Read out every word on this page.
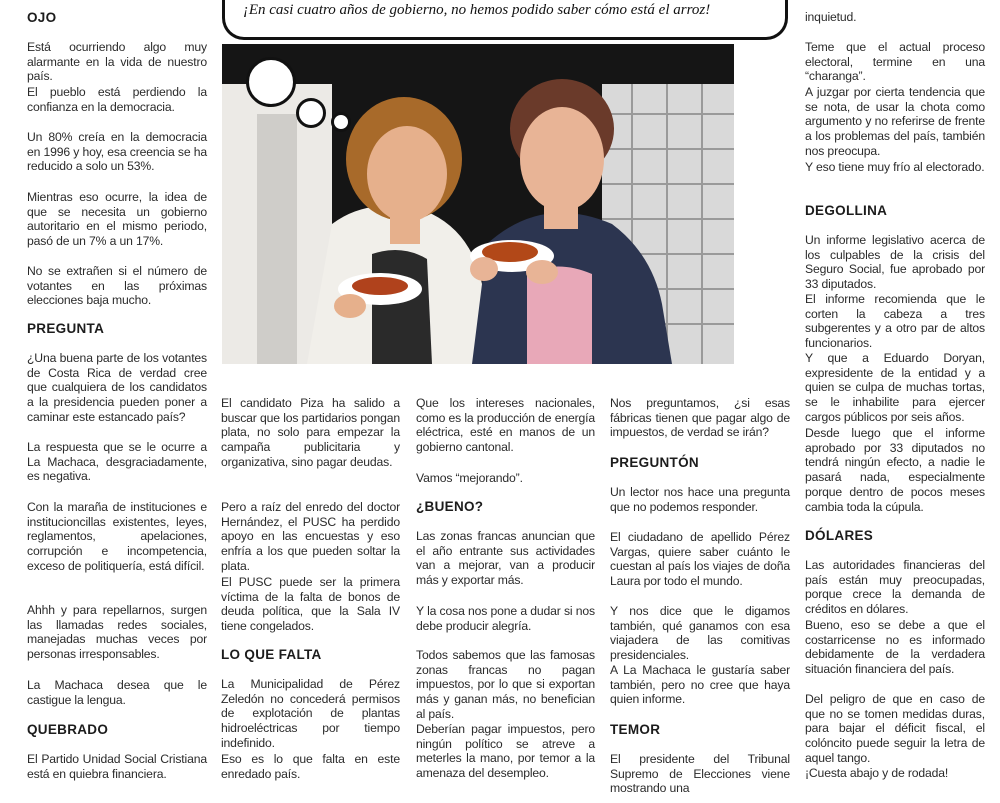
OJO

Está ocurriendo algo muy alarmante en la vida de nuestro país.

El pueblo está perdiendo la confianza en la democracia.

Un 80% creía en la democracia en 1996 y hoy, esa creencia se ha reducido a solo un 53%.

Mientras eso ocurre, la idea de que se necesita un gobierno autoritario en el mismo periodo, pasó de un 7% a un 17%.

No se extrañen si el número de votantes en las próximas elecciones baja mucho.

PREGUNTA

¿Una buena parte de los votantes de Costa Rica de verdad cree que cualquiera de los candidatos a la presidencia pueden poner a caminar este estancado país?

La respuesta que se le ocurre a La Machaca, desgraciadamente, es negativa.

Con la maraña de instituciones e institucioncillas existentes, leyes, reglamentos, apelaciones, corrupción e incompetencia, exceso de politiquería, está difícil.

Ahhh y para repellarnos, surgen las llamadas redes sociales, manejadas muchas veces por personas irresponsables.

La Machaca desea que le castigue la lengua.

QUEBRADO

El Partido Unidad Social Cristiana está en quiebra financiera.

¡En casi cuatro años de gobierno, no hemos podido saber cómo está el arroz!

El candidato Piza ha salido a buscar que los partidarios pongan plata, no solo para empezar la campaña publicitaria y organizativa, sino pagar deudas.

Pero a raíz del enredo del doctor Hernández, el PUSC ha perdido apoyo en las encuestas y eso enfría a los que pueden soltar la plata.

El PUSC puede ser la primera víctima de la falta de bonos de deuda política, que la Sala IV tiene congelados.

LO QUE FALTA

La Municipalidad de Pérez Zeledón no concederá permisos de explotación de plantas hidroeléctricas por tiempo indefinido.

Eso es lo que falta en este enredado país.

Que los intereses nacionales, como es la producción de energía eléctrica, esté en manos de un gobierno cantonal.

Vamos “mejorando”.

¿BUENO?

Las zonas francas anuncian que el año entrante sus actividades van a mejorar, van a producir más y exportar más.

Y la cosa nos pone a dudar si nos debe producir alegría.

Todos sabemos que las famosas zonas francas no pagan impuestos, por lo que si exportan más y ganan más, no benefician al país.

Deberían pagar impuestos, pero ningún político se atreve a meterles la mano, por temor a la amenaza del desempleo.

Nos preguntamos, ¿si esas fábricas tienen que pagar algo de impuestos, de verdad se irán?

PREGUNTÓN

Un lector nos hace una pregunta que no podemos responder.

El ciudadano de apellido Pérez Vargas, quiere saber cuánto le cuestan al país los viajes de doña Laura por todo el mundo.

Y nos dice que le digamos también, qué ganamos con esa viajadera de las comitivas presidenciales.

A La Machaca le gustaría saber también, pero no cree que haya quien informe.

TEMOR

El presidente del Tribunal Supremo de Elecciones viene mostrando una

inquietud.

Teme que el actual proceso electoral, termine en una “charanga”.

A juzgar por cierta tendencia que se nota, de usar la chota como argumento y no referirse de frente a los problemas del país, también nos preocupa.

Y eso tiene muy frío al electorado.

DEGOLLINA

Un informe legislativo acerca de los culpables de la crisis del Seguro Social, fue aprobado por 33 diputados.

El informe recomienda que le corten la cabeza a tres subgerentes y a otro par de altos funcionarios.

Y que a Eduardo Doryan, expresidente de la entidad y a quien se culpa de muchas tortas, se le inhabilite para ejercer cargos públicos por seis años.

Desde luego que el informe aprobado por 33 diputados no tendrá ningún efecto, a nadie le pasará nada, especialmente porque dentro de pocos meses cambia toda la cúpula.

DÓLARES

Las autoridades financieras del país están muy preocupadas, porque crece la demanda de créditos en dólares.

Bueno, eso se debe a que el costarricense no es informado debidamente de la verdadera situación financiera del país.

Del peligro de que en caso de que no se tomen medidas duras, para bajar el déficit fiscal, el colóncito puede seguir la letra de aquel tango.

¡Cuesta abajo y de rodada!
